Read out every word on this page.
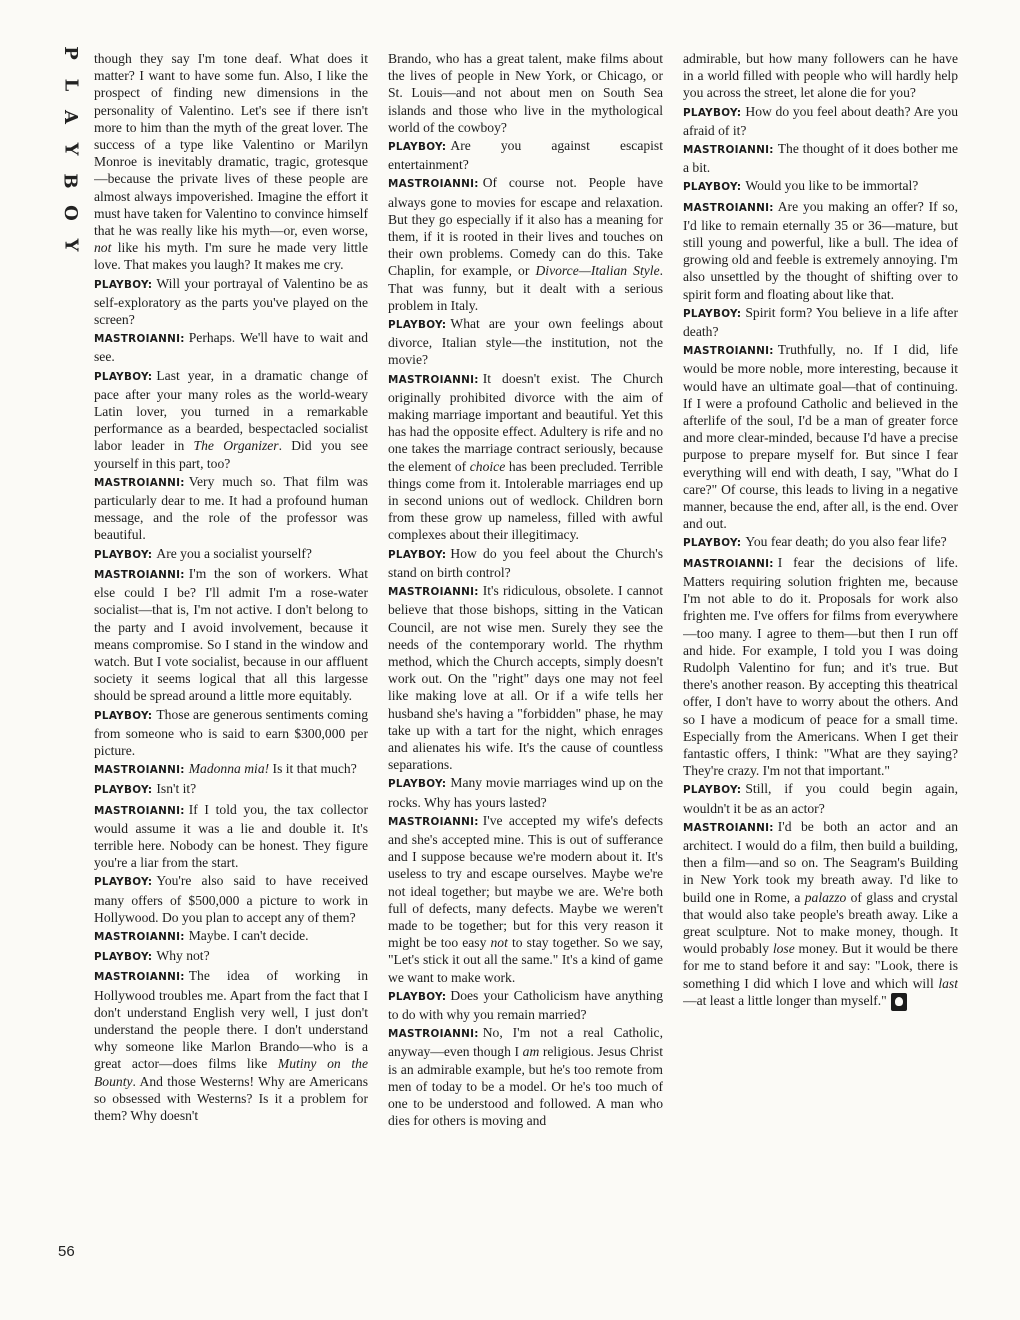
P
L
A
Y
B
O
Y

though they say I'm tone deaf. What does it matter? I want to have some fun. Also, I like the prospect of finding new dimensions in the personality of Valentino. Let's see if there isn't more to him than the myth of the great lover. The success of a type like Valentino or Marilyn Monroe is inevitably dramatic, tragic, grotesque—because the private lives of these people are almost always impoverished. Imagine the effort it must have taken for Valentino to convince himself that he was really like his myth—or, even worse, not like his myth. I'm sure he made very little love. That makes you laugh? It makes me cry.

PLAYBOY: Will your portrayal of Valentino be as self-exploratory as the parts you've played on the screen?

MASTROIANNI: Perhaps. We'll have to wait and see.

PLAYBOY: Last year, in a dramatic change of pace after your many roles as the world-weary Latin lover, you turned in a remarkable performance as a bearded, bespectacled socialist labor leader in The Organizer. Did you see yourself in this part, too?

MASTROIANNI: Very much so. That film was particularly dear to me. It had a profound human message, and the role of the professor was beautiful.

PLAYBOY: Are you a socialist yourself?

MASTROIANNI: I'm the son of workers. What else could I be? I'll admit I'm a rose-water socialist—that is, I'm not active. I don't belong to the party and I avoid involvement, because it means compromise. So I stand in the window and watch. But I vote socialist, because in our affluent society it seems logical that all this largesse should be spread around a little more equitably.

PLAYBOY: Those are generous sentiments coming from someone who is said to earn $300,000 per picture.

MASTROIANNI: Madonna mia! Is it that much?

PLAYBOY: Isn't it?

MASTROIANNI: If I told you, the tax collector would assume it was a lie and double it. It's terrible here. Nobody can be honest. They figure you're a liar from the start.

PLAYBOY: You're also said to have received many offers of $500,000 a picture to work in Hollywood. Do you plan to accept any of them?

MASTROIANNI: Maybe. I can't decide.

PLAYBOY: Why not?

MASTROIANNI: The idea of working in Hollywood troubles me. Apart from the fact that I don't understand English very well, I just don't understand the people there. I don't understand why someone like Marlon Brando—who is a great actor—does films like Mutiny on the Bounty. And those Westerns! Why are Americans so obsessed with Westerns? Is it a problem for them? Why doesn't

Brando, who has a great talent, make films about the lives of people in New York, or Chicago, or St. Louis—and not about men on South Sea islands and those who live in the mythological world of the cowboy?

PLAYBOY: Are you against escapist entertainment?

MASTROIANNI: Of course not. People have always gone to movies for escape and relaxation. But they go especially if it also has a meaning for them, if it is rooted in their lives and touches on their own problems. Comedy can do this. Take Chaplin, for example, or Divorce—Italian Style. That was funny, but it dealt with a serious problem in Italy.

PLAYBOY: What are your own feelings about divorce, Italian style—the institution, not the movie?

MASTROIANNI: It doesn't exist. The Church originally prohibited divorce with the aim of making marriage important and beautiful. Yet this has had the opposite effect. Adultery is rife and no one takes the marriage contract seriously, because the element of choice has been precluded. Terrible things come from it. Intolerable marriages end up in second unions out of wedlock. Children born from these grow up nameless, filled with awful complexes about their illegitimacy.

PLAYBOY: How do you feel about the Church's stand on birth control?

MASTROIANNI: It's ridiculous, obsolete. I cannot believe that those bishops, sitting in the Vatican Council, are not wise men. Surely they see the needs of the contemporary world. The rhythm method, which the Church accepts, simply doesn't work out. On the "right" days one may not feel like making love at all. Or if a wife tells her husband she's having a "forbidden" phase, he may take up with a tart for the night, which enrages and alienates his wife. It's the cause of countless separations.

PLAYBOY: Many movie marriages wind up on the rocks. Why has yours lasted?

MASTROIANNI: I've accepted my wife's defects and she's accepted mine. This is out of sufferance and I suppose because we're modern about it. It's useless to try and escape ourselves. Maybe we're not ideal together; but maybe we are. We're both full of defects, many defects. Maybe we weren't made to be together; but for this very reason it might be too easy not to stay together. So we say, "Let's stick it out all the same." It's a kind of game we want to make work.

PLAYBOY: Does your Catholicism have anything to do with why you remain married?

MASTROIANNI: No, I'm not a real Catholic, anyway—even though I am religious. Jesus Christ is an admirable example, but he's too remote from men of today to be a model. Or he's too much of one to be understood and followed. A man who dies for others is moving and

admirable, but how many followers can he have in a world filled with people who will hardly help you across the street, let alone die for you?

PLAYBOY: How do you feel about death? Are you afraid of it?

MASTROIANNI: The thought of it does bother me a bit.

PLAYBOY: Would you like to be immortal?

MASTROIANNI: Are you making an offer? If so, I'd like to remain eternally 35 or 36—mature, but still young and powerful, like a bull. The idea of growing old and feeble is extremely annoying. I'm also unsettled by the thought of shifting over to spirit form and floating about like that.

PLAYBOY: Spirit form? You believe in a life after death?

MASTROIANNI: Truthfully, no. If I did, life would be more noble, more interesting, because it would have an ultimate goal—that of continuing. If I were a profound Catholic and believed in the afterlife of the soul, I'd be a man of greater force and more clear-minded, because I'd have a precise purpose to prepare myself for. But since I fear everything will end with death, I say, "What do I care?" Of course, this leads to living in a negative manner, because the end, after all, is the end. Over and out.

PLAYBOY: You fear death; do you also fear life?

MASTROIANNI: I fear the decisions of life. Matters requiring solution frighten me, because I'm not able to do it. Proposals for work also frighten me. I've offers for films from everywhere—too many. I agree to them—but then I run off and hide. For example, I told you I was doing Rudolph Valentino for fun; and it's true. But there's another reason. By accepting this theatrical offer, I don't have to worry about the others. And so I have a modicum of peace for a small time. Especially from the Americans. When I get their fantastic offers, I think: "What are they saying? They're crazy. I'm not that important."

PLAYBOY: Still, if you could begin again, wouldn't it be as an actor?

MASTROIANNI: I'd be both an actor and an architect. I would do a film, then build a building, then a film—and so on. The Seagram's Building in New York took my breath away. I'd like to build one in Rome, a palazzo of glass and crystal that would also take people's breath away. Like a great sculpture. Not to make money, though. It would probably lose money. But it would be there for me to stand before it and say: "Look, there is something I did which I love and which will last—at least a little longer than myself."

56
